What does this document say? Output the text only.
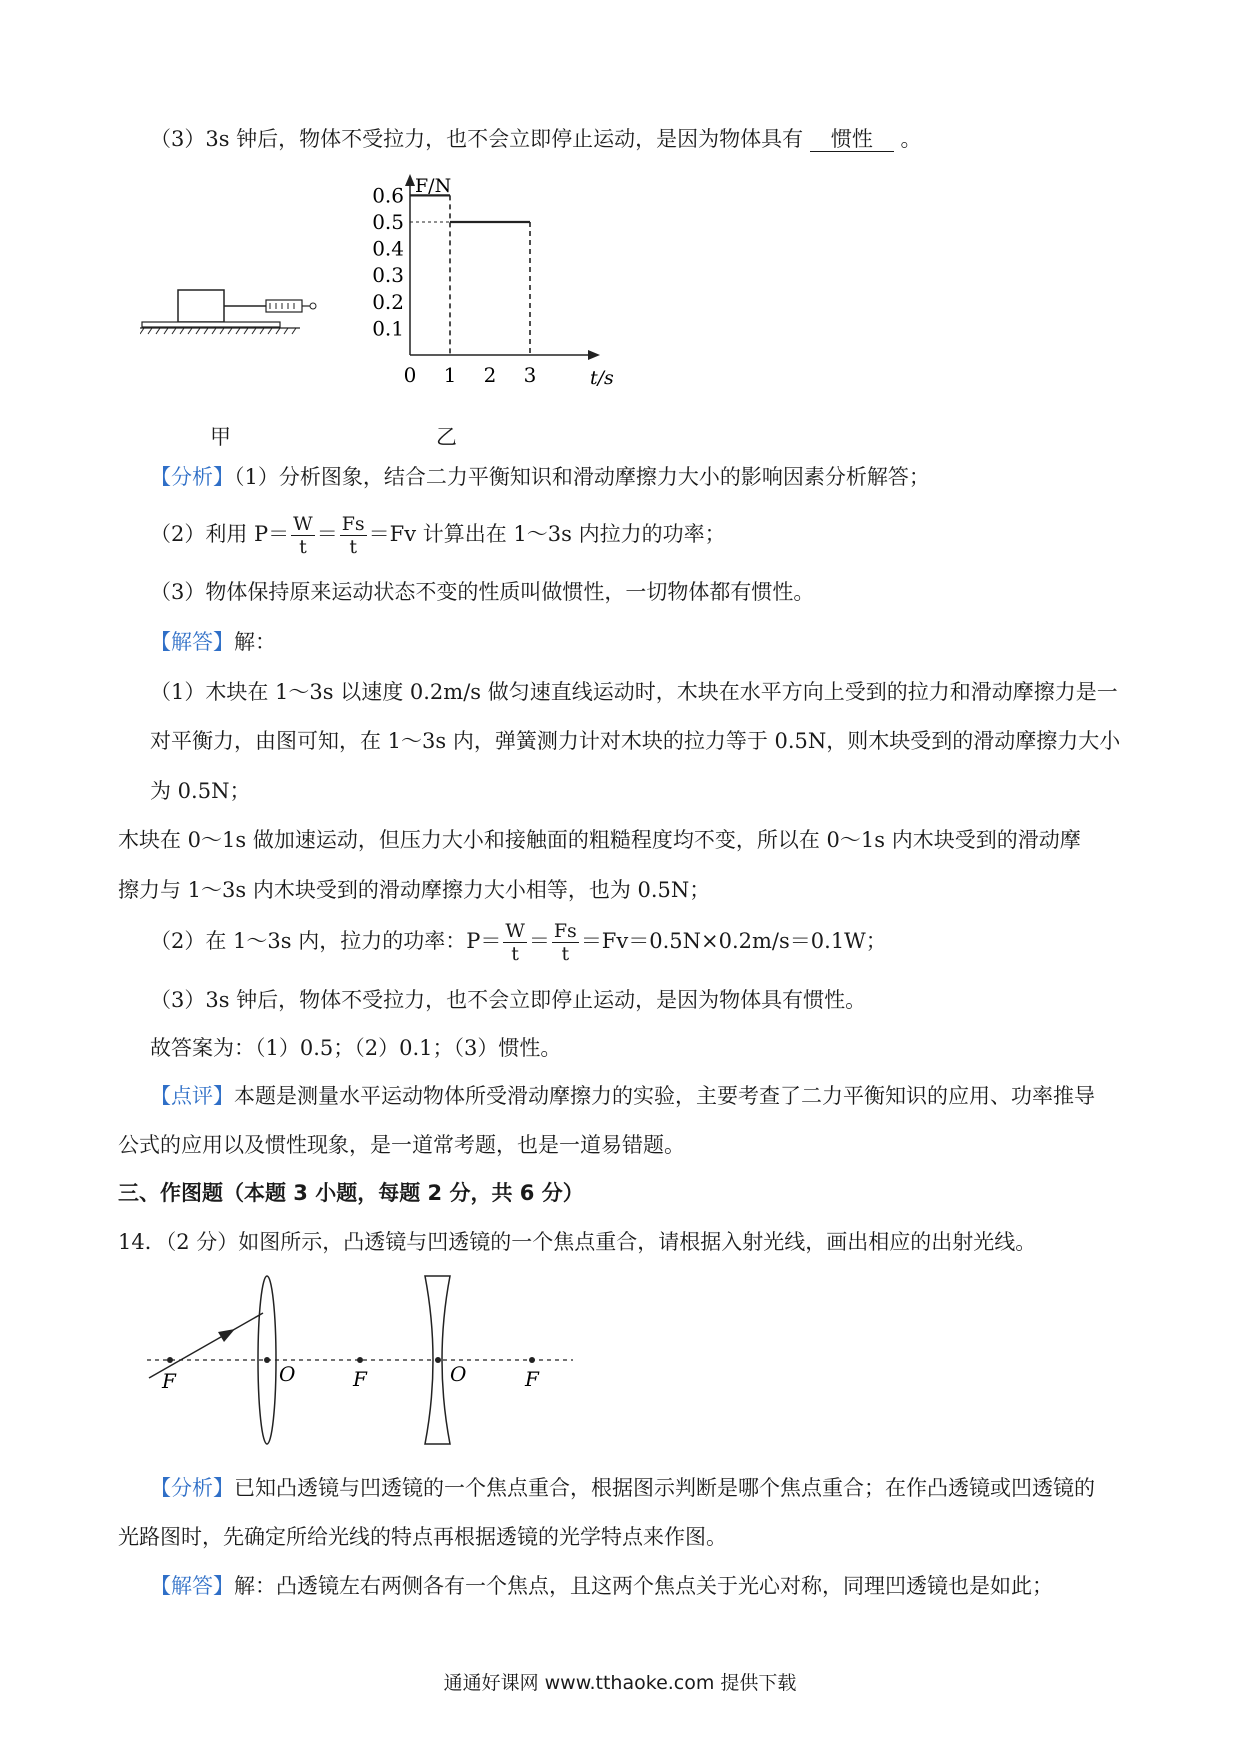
（3）3s 钟后，物体不受拉力，也不会立即停止运动，是因为物体具有 惯性 。
甲
F/N
t/s
0.6
0.5
0.4
0.3
0.2
0.1
0 1 2 3
乙
【分析】（1）分析图象，结合二力平衡知识和滑动摩擦力大小的影响因素分析解答；
（2）利用 $P= \frac{W}{t} = \frac{Fs}{t} =Fv$ 计算出在 1～3s 内拉力的功率；
（3）物体保持原来运动状态不变的性质叫做惯性，一切物体都有惯性。
【解答】解：
（1）木块在 1～3s 以速度 0.2m/s 做匀速直线运动时，木块在水平方向上受到的拉力和滑动摩擦力是一
对平衡力，由图可知，在 1～3s 内，弹簧测力计对木块的拉力等于 0.5N，则木块受到的滑动摩擦力大小
为 0.5N；
木块在 0～1s 做加速运动，但压力大小和接触面的粗糙程度均不变，所以在 0～1s 内木块受到的滑动摩
擦力与 1～3s 内木块受到的滑动摩擦力大小相等，也为 0.5N；
（2）在 1～3s 内，拉力的功率：$P= \frac{W}{t} = \frac{Fs}{t} =Fv=0.5N\times 0.2m/s=0.1W$；
（3）3s 钟后，物体不受拉力，也不会立即停止运动，是因为物体具有惯性。
故答案为：（1）0.5；（2）0.1；（3）惯性。
【点评】本题是测量水平运动物体所受滑动摩擦力的实验，主要考查了二力平衡知识的应用、功率推导
公式的应用以及惯性现象，是一道常考题，也是一道易错题。
三、作图题（本题 3 小题，每题 2 分，共 6 分）
14．（2 分）如图所示，凸透镜与凹透镜的一个焦点重合，请根据入射光线，画出相应的出射光线。
F	O	F	O	F
【分析】已知凸透镜与凹透镜的一个焦点重合，根据图示判断是哪个焦点重合；在作凸透镜或凹透镜的
光路图时，先确定所给光线的特点再根据透镜的光学特点来作图。
【解答】解：凸透镜左右两侧各有一个焦点，且这两个焦点关于光心对称，同理凹透镜也是如此；
通通好课网 www.tthaoke.com 提供下载
